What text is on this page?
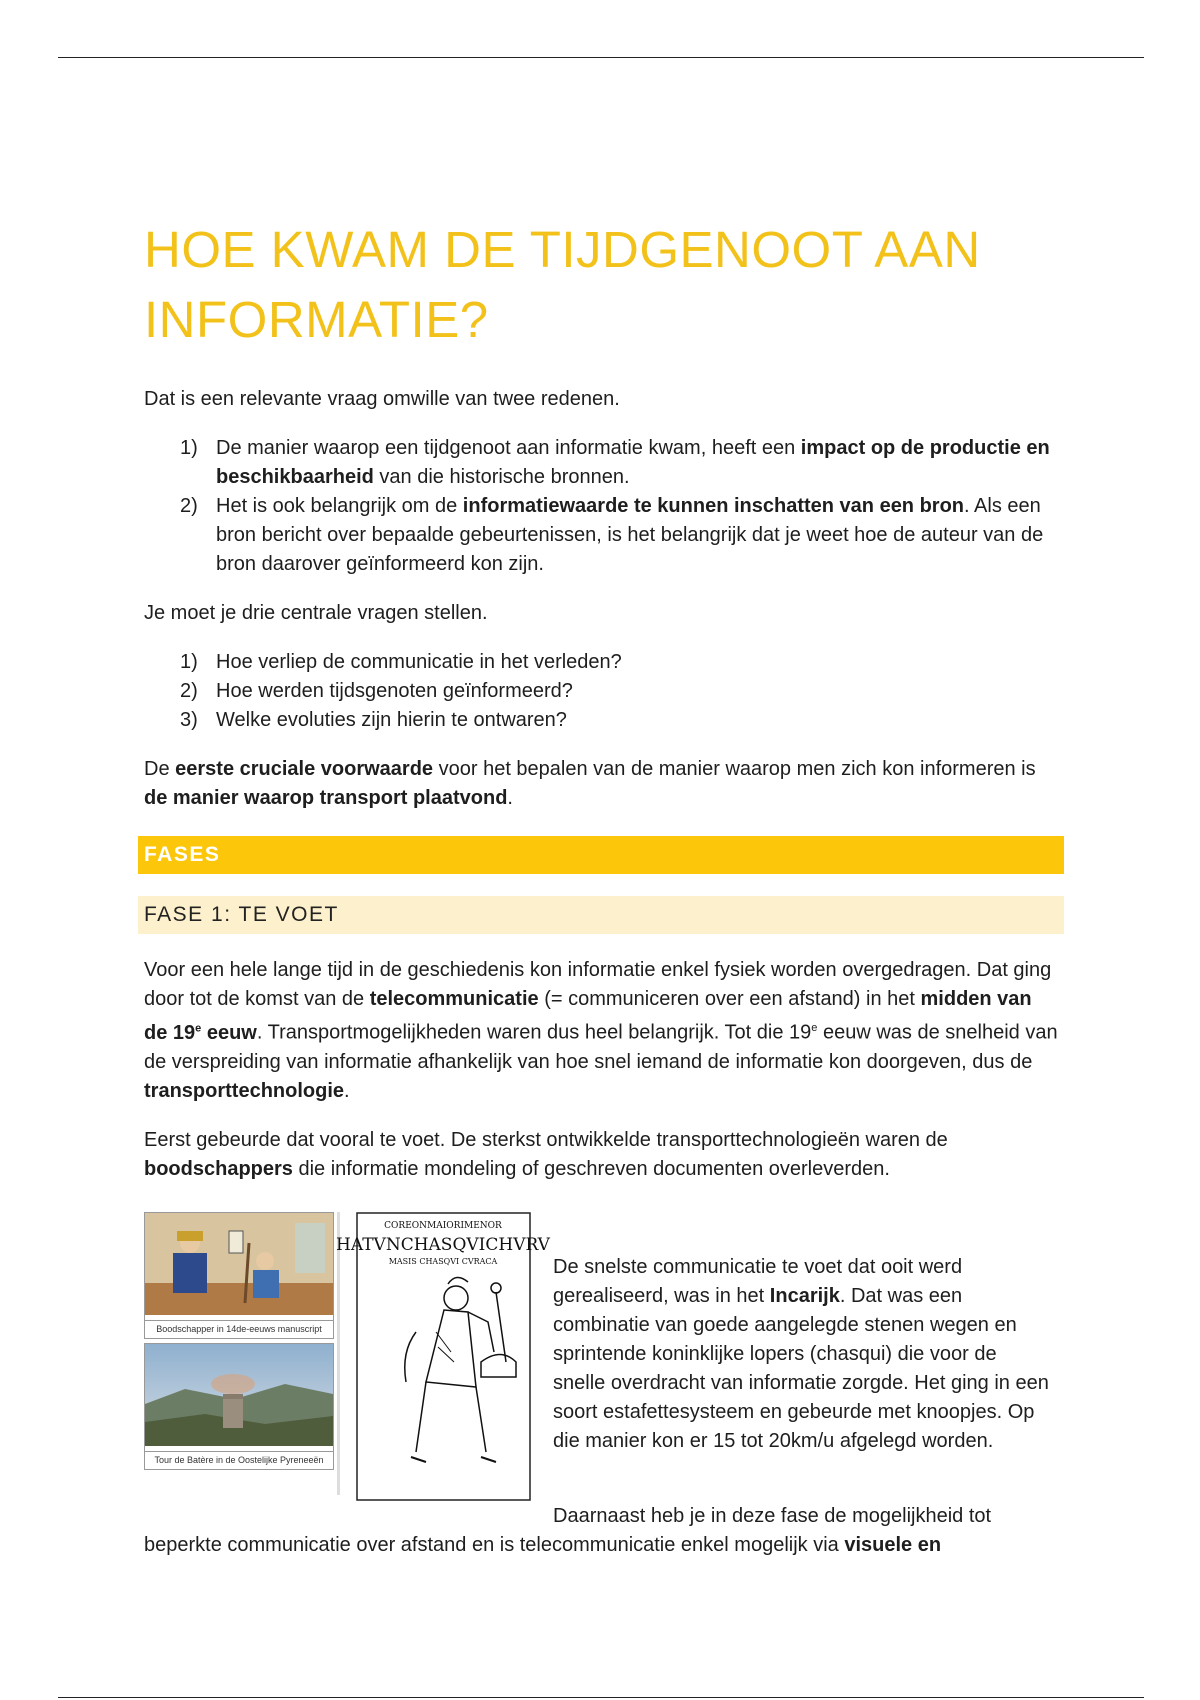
HOE KWAM DE TIJDGENOOT AAN INFORMATIE?

Dat is een relevante vraag omwille van twee redenen.

1) De manier waarop een tijdgenoot aan informatie kwam, heeft een impact op de productie en beschikbaarheid van die historische bronnen.
2) Het is ook belangrijk om de informatiewaarde te kunnen inschatten van een bron. Als een bron bericht over bepaalde gebeurtenissen, is het belangrijk dat je weet hoe de auteur van de bron daarover geïnformeerd kon zijn.

Je moet je drie centrale vragen stellen.

1) Hoe verliep de communicatie in het verleden?
2) Hoe werden tijdsgenoten geïnformeerd?
3) Welke evoluties zijn hierin te ontwaren?

De eerste cruciale voorwaarde voor het bepalen van de manier waarop men zich kon informeren is de manier waarop transport plaatvond.

FASES
FASE 1: TE VOET

Voor een hele lange tijd in de geschiedenis kon informatie enkel fysiek worden overgedragen. Dat ging door tot de komst van de telecommunicatie (= communiceren over een afstand) in het midden van de 19e eeuw. Transportmogelijkheden waren dus heel belangrijk. Tot die 19e eeuw was de snelheid van de verspreiding van informatie afhankelijk van hoe snel iemand de informatie kon doorgeven, dus de transporttechnologie.

Eerst gebeurde dat vooral te voet. De sterkst ontwikkelde transporttechnologieën waren de boodschappers die informatie mondeling of geschreven documenten overleverden.

Boodschapper in 14de-eeuws manuscript
Tour de Batère in de Oostelijke Pyreneeën
COREONMAIORIMENOR
HATVNCHASQVICHVRV
MASIS CHASQVI CVRACA	De snelste communicatie te voet dat ooit werd gerealiseerd, was in het Incarijk. Dat was een combinatie van goede aangelegde stenen wegen en sprintende koninklijke lopers (chasqui) die voor de snelle overdracht van informatie zorgde. Het ging in een soort estafettesysteem en gebeurde met knoopjes. Op die manier kon er 15 tot 20km/u afgelegd worden.

Daarnaast heb je in deze fase de mogelijkheid tot beperkte communicatie over afstand en is telecommunicatie enkel mogelijk via visuele en
